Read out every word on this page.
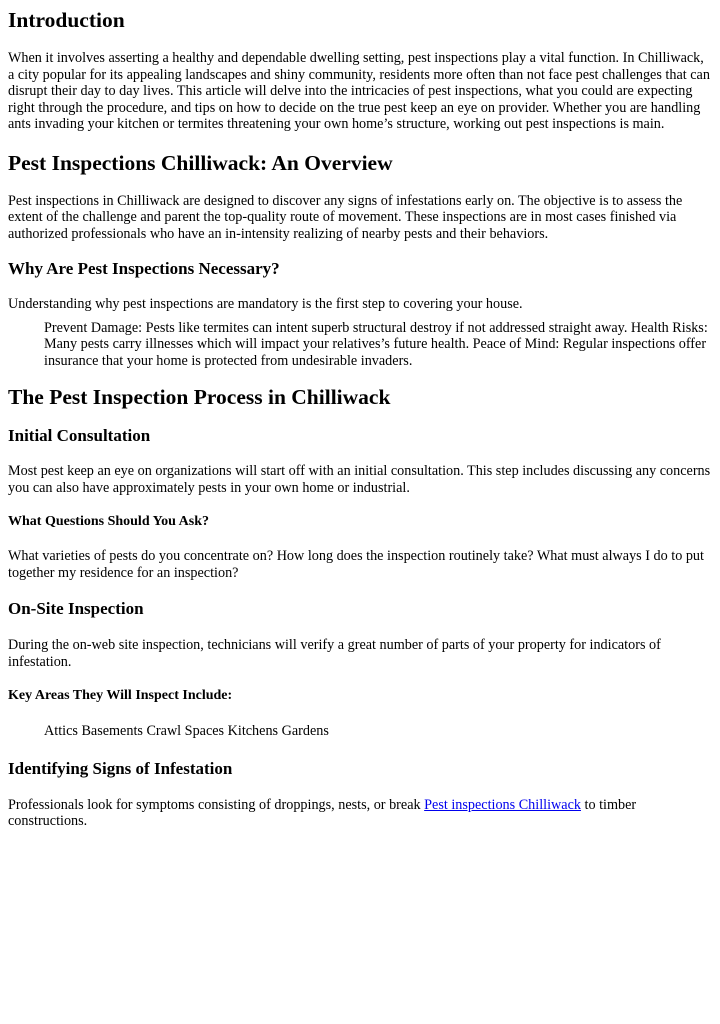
Introduction

When it involves asserting a healthy and dependable dwelling setting, pest inspections play a vital function. In Chilliwack, a city popular for its appealing landscapes and shiny community, residents more often than not face pest challenges that can disrupt their day to day lives. This article will delve into the intricacies of pest inspections, what you could are expecting right through the procedure, and tips on how to decide on the true pest keep an eye on provider. Whether you are handling ants invading your kitchen or termites threatening your own home’s structure, working out pest inspections is main.

Pest Inspections Chilliwack: An Overview

Pest inspections in Chilliwack are designed to discover any signs of infestations early on. The objective is to assess the extent of the challenge and parent the top-quality route of movement. These inspections are in most cases finished via authorized professionals who have an in-intensity realizing of nearby pests and their behaviors.

Why Are Pest Inspections Necessary?

Understanding why pest inspections are mandatory is the first step to covering your house.

Prevent Damage: Pests like termites can intent superb structural destroy if not addressed straight away. Health Risks: Many pests carry illnesses which will impact your relatives’s future health. Peace of Mind: Regular inspections offer insurance that your home is protected from undesirable invaders.
The Pest Inspection Process in Chilliwack
Initial Consultation

Most pest keep an eye on organizations will start off with an initial consultation. This step includes discussing any concerns you can also have approximately pests in your own home or industrial.

What Questions Should You Ask?

What varieties of pests do you concentrate on? How long does the inspection routinely take? What must always I do to put together my residence for an inspection?

On-Site Inspection

During the on-web site inspection, technicians will verify a great number of parts of your property for indicators of infestation.

Key Areas They Will Inspect Include:
Attics Basements Crawl Spaces Kitchens Gardens
Identifying Signs of Infestation

Professionals look for symptoms consisting of droppings, nests, or break Pest inspections Chilliwack to timber constructions.
